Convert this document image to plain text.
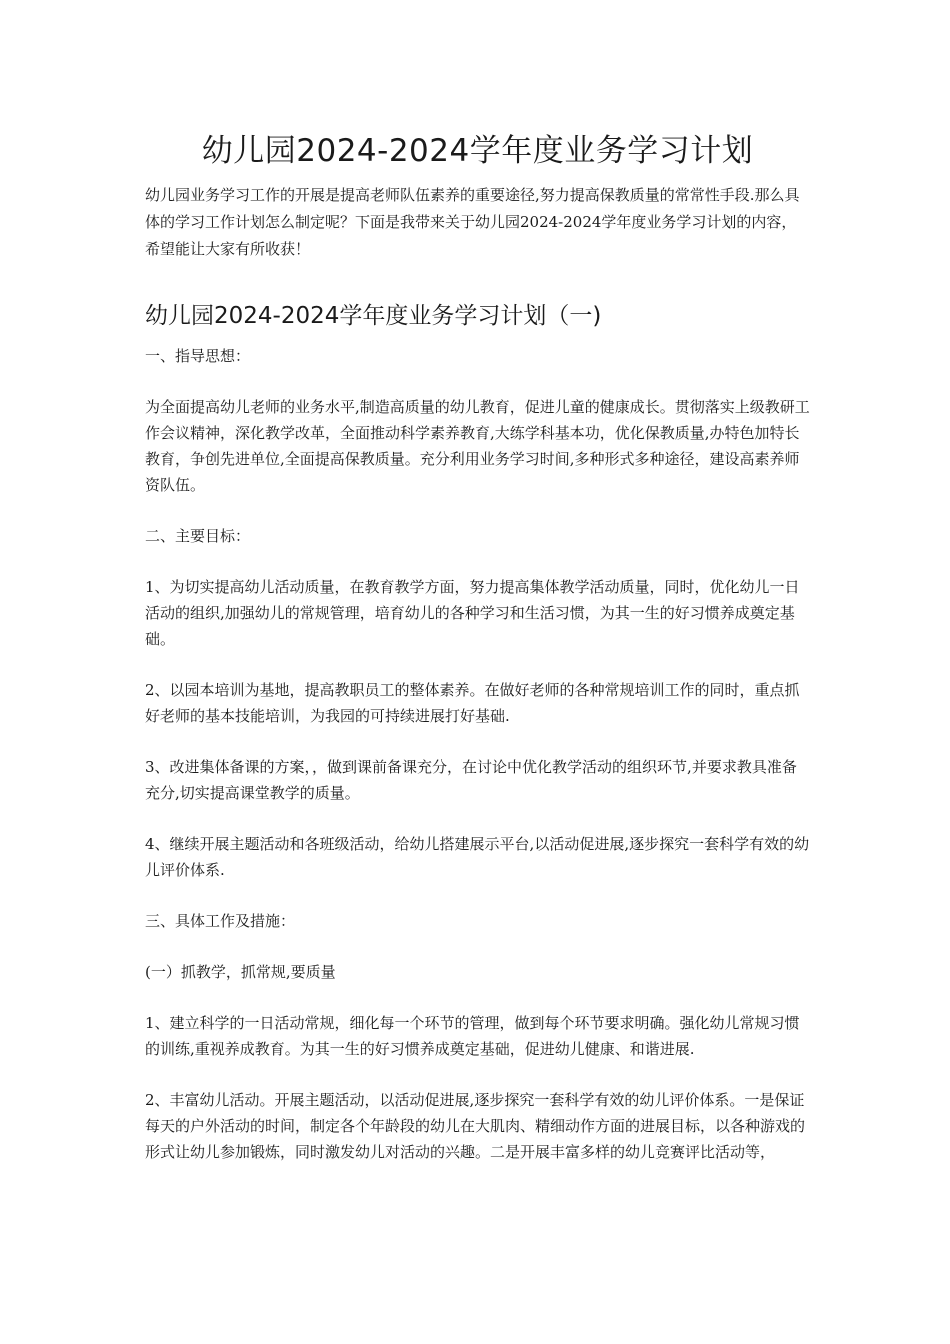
幼儿园2024-2024学年度业务学习计划

幼儿园业务学习工作的开展是提高老师队伍素养的重要途径,努力提高保教质量的常常性手段.那么具体的学习工作计划怎么制定呢？下面是我带来关于幼儿园2024-2024学年度业务学习计划的内容，希望能让大家有所收获！

幼儿园2024-2024学年度业务学习计划（一)

一、指导思想：

为全面提高幼儿老师的业务水平,制造高质量的幼儿教育，促进儿童的健康成长。贯彻落实上级教研工作会议精神，深化教学改革，全面推动科学素养教育,大练学科基本功，优化保教质量,办特色加特长教育，争创先进单位,全面提高保教质量。充分利用业务学习时间,多种形式多种途径，建设高素养师资队伍。

二、主要目标：

1、为切实提高幼儿活动质量，在教育教学方面，努力提高集体教学活动质量，同时，优化幼儿一日活动的组织,加强幼儿的常规管理，培育幼儿的各种学习和生活习惯，为其一生的好习惯养成奠定基础。

2、以园本培训为基地，提高教职员工的整体素养。在做好老师的各种常规培训工作的同时，重点抓好老师的基本技能培训，为我园的可持续进展打好基础.

3、改进集体备课的方案，，做到课前备课充分，在讨论中优化教学活动的组织环节,并要求教具准备充分,切实提高课堂教学的质量。

4、继续开展主题活动和各班级活动，给幼儿搭建展示平台,以活动促进展,逐步探究一套科学有效的幼儿评价体系.

三、具体工作及措施：

(一）抓教学，抓常规,要质量

1、建立科学的一日活动常规，细化每一个环节的管理，做到每个环节要求明确。强化幼儿常规习惯的训练,重视养成教育。为其一生的好习惯养成奠定基础，促进幼儿健康、和谐进展.

2、丰富幼儿活动。开展主题活动，以活动促进展,逐步探究一套科学有效的幼儿评价体系。一是保证每天的户外活动的时间，制定各个年龄段的幼儿在大肌肉、精细动作方面的进展目标，以各种游戏的形式让幼儿参加锻炼，同时激发幼儿对活动的兴趣。二是开展丰富多样的幼儿竞赛评比活动等，
